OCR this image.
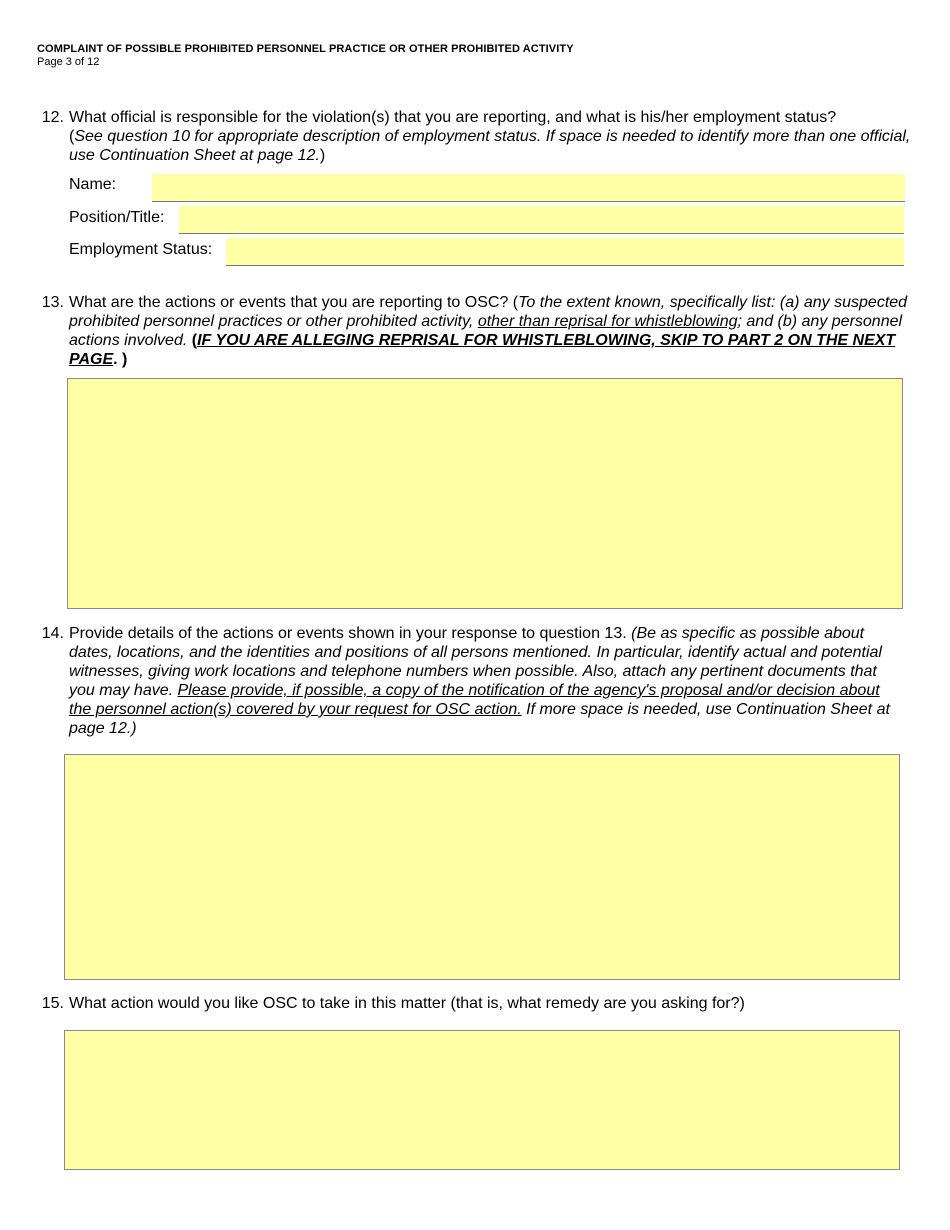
COMPLAINT OF POSSIBLE PROHIBITED PERSONNEL PRACTICE OR OTHER PROHIBITED ACTIVITY
Page 3 of 12
12. What official is responsible for the violation(s) that you are reporting, and what is his/her employment status?
(See question 10 for appropriate description of employment status. If space is needed to identify more than one official, use Continuation Sheet at page 12.)
Name:
Position/Title:
Employment Status:
13. What are the actions or events that you are reporting to OSC? (To the extent known, specifically list: (a) any suspected prohibited personnel practices or other prohibited activity, other than reprisal for whistleblowing; and (b) any personnel actions involved. (IF YOU ARE ALLEGING REPRISAL FOR WHISTLEBLOWING, SKIP TO PART 2 ON THE NEXT PAGE. )
14. Provide details of the actions or events shown in your response to question 13. (Be as specific as possible about dates, locations, and the identities and positions of all persons mentioned. In particular, identify actual and potential witnesses, giving work locations and telephone numbers when possible. Also, attach any pertinent documents that you may have. Please provide, if possible, a copy of the notification of the agency's proposal and/or decision about the personnel action(s) covered by your request for OSC action. If more space is needed, use Continuation Sheet at page 12.)
15. What action would you like OSC to take in this matter (that is, what remedy are you asking for?)
